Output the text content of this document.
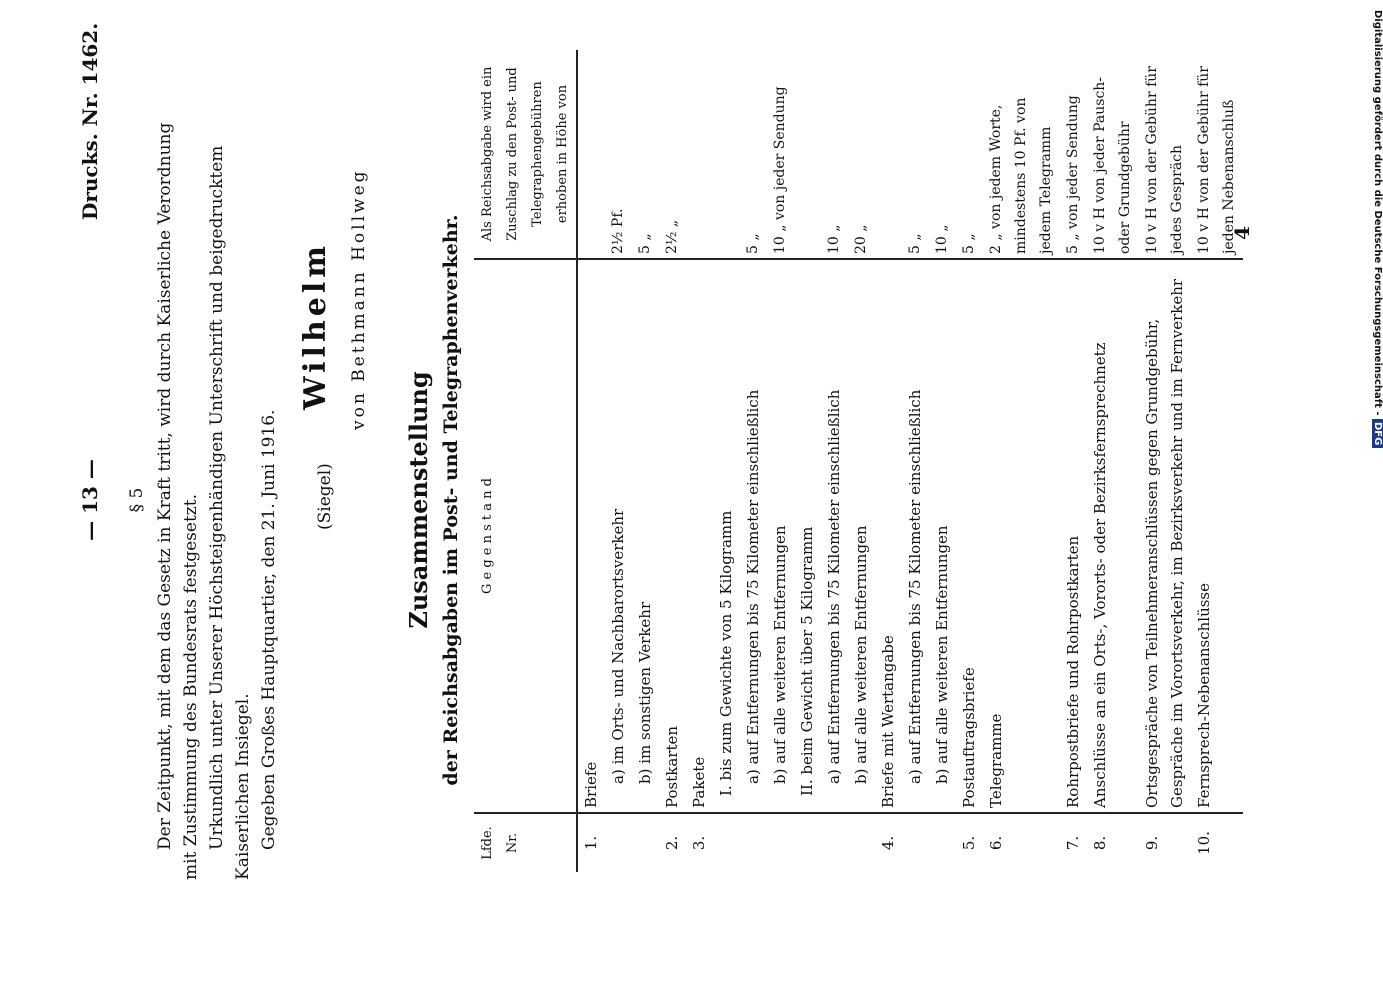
— 13 —
Drucks. Nr. 1462.
§ 5 Der Zeitpunkt, mit dem das Gesetz in Kraft tritt, wird durch Kaiserliche Verordnung mit Zustimmung des Bundesrats festgesetzt. Urkundlich unter Unserer Höchsteigenhändigen Unterschrift und beigedrucktem Kaiserlichen Insiegel. Gegeben Großes Hauptquartier, den 21. Juni 1916. (Siegel)
Wilhelm von Bethmann Hollweg
Zusammenstellung der Reichsabgaben im Post- und Telegraphenverkehr.
Lfde. Nr.	G e g e n s t a n d	Als Reichsabgabe wird ein Zuschlag zu den Post- und Telegraphengebühren erhoben in Höhe von
1.	Briefe	
	a) im Orts- und Nachbarortsverkehr	2½ Pf.
	b) im sonstigen Verkehr	5 „
2.	Postkarten	2½ „
3.	Pakete	
	I. bis zum Gewichte von 5 Kilogramm	
	a) auf Entfernungen bis 75 Kilometer einschließlich	5 „
	b) auf alle weiteren Entfernungen	10 „ von jeder Sendung
	II. beim Gewicht über 5 Kilogramm	
	a) auf Entfernungen bis 75 Kilometer einschließlich	10 „
	b) auf alle weiteren Entfernungen	20 „
4.	Briefe mit Wertangabe	
	a) auf Entfernungen bis 75 Kilometer einschließlich	5 „
	b) auf alle weiteren Entfernungen	10 „
5.	Postauftragsbriefe	5 „
6.	Telegramme	2 „ von jedem Worte, mindestens 10 Pf. von jedem Telegramm
7.	Rohrpostbriefe und Rohrpostkarten	5 „ von jeder Sendung
8.	Anschlüsse an ein Orts-, Vororts- oder Bezirksfernsprechnetz	10 v H von jeder Pausch- oder Grundgebühr
9.	Ortsgespräche von Teilnehmeranschlüssen gegen Grundgebühr, Gespräche im Vorortsverkehr, im Bezirksverkehr und im Fernverkehr	10 v H von der Gebühr für jedes Gespräch
10.	Fernsprech-Nebenanschlüsse	10 v H von der Gebühr für jeden Nebenanschluß
4	Digitalisierung gefördert durch die Deutsche Forschungsgemeinschaft - DFG
